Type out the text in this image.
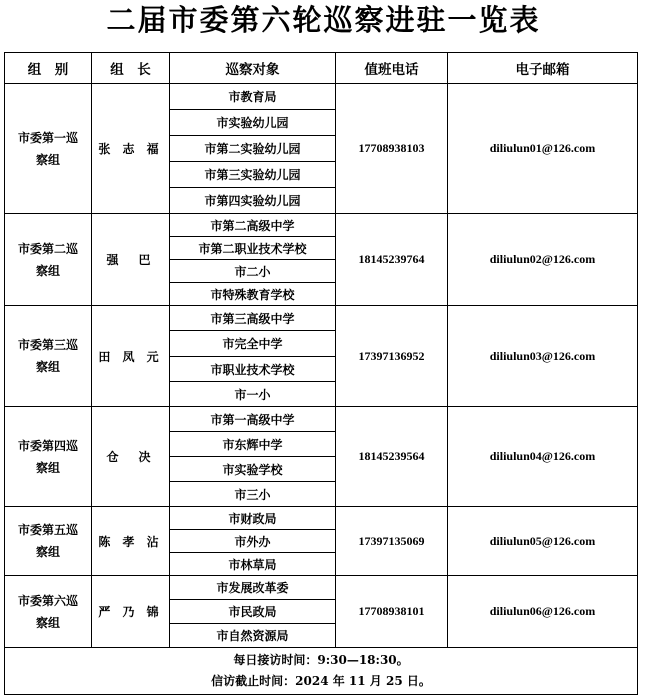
二届市委第六轮巡察进驻一览表
组　别	组　长	巡察对象	值班电话	电子邮箱

市委第一巡
察组	张 志 福	市教育局	17708938103	diliulun01@126.com
		市实验幼儿园		
		市第二实验幼儿园		
		市第三实验幼儿园		
		市第四实验幼儿园		

市委第二巡
察组	强　巴	市第二高级中学	18145239764	diliulun02@126.com
		市第二职业技术学校		
		市二小		
		市特殊教育学校		

市委第三巡
察组	田 凤 元	市第三高级中学	17397136952	diliulun03@126.com
		市完全中学		
		市职业技术学校		
		市一小		

市委第四巡
察组	仓　决	市第一高级中学	18145239564	diliulun04@126.com
		市东辉中学		
		市实验学校		
		市三小		

市委第五巡
察组	陈 孝 沾	市财政局	17397135069	diliulun05@126.com
		市外办		
		市林草局		

市委第六巡
察组	严 乃 锦	市发展改革委	17708938101	diliulun06@126.com
		市民政局		
		市自然资源局		

每日接访时间：9:30—18:30。
信访截止时间：2024 年 11 月 25 日。				
